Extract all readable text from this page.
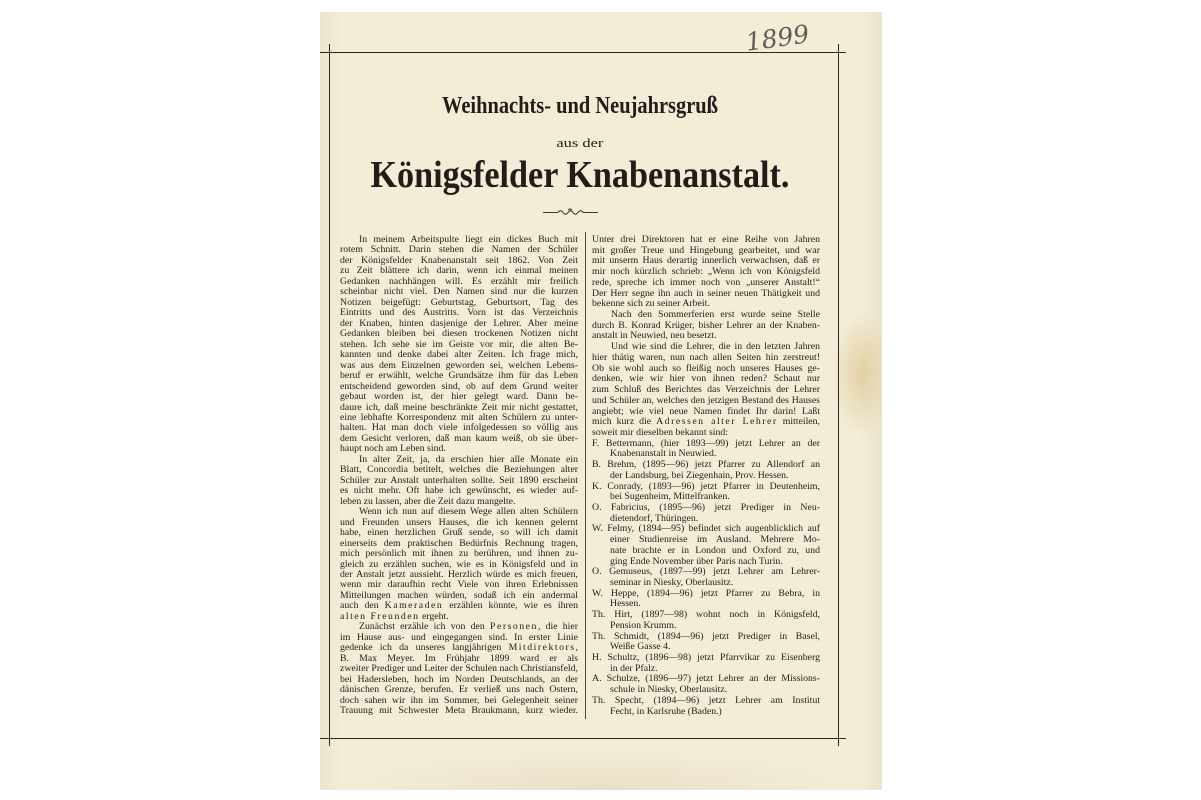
1899
Weihnachts- und Neujahrsgruß
aus der
Königsfelder Knabenanstalt.
In meinem Arbeitspulte liegt ein dickes Buch mit
rotem Schnitt. Darin stehen die Namen der Schüler
der Königsfelder Knabenanstalt seit 1862. Von Zeit
zu Zeit blättere ich darin, wenn ich einmal meinen
Gedanken nachhängen will. Es erzählt mir freilich
scheinbar nicht viel. Den Namen sind nur die kurzen
Notizen beigefügt: Geburtstag, Geburtsort, Tag des
Eintritts und des Austritts. Vorn ist das Verzeichnis
der Knaben, hinten dasjenige der Lehrer. Aber meine
Gedanken bleiben bei diesen trockenen Notizen nicht
stehen. Ich sehe sie im Geiste vor mir, die alten Be-
kannten und denke dabei alter Zeiten. Ich frage mich,
was aus dem Einzelnen geworden sei, welchen Lebens-
beruf er erwählt, welche Grundsätze ihm für das Leben
entscheidend geworden sind, ob auf dem Grund weiter
gebaut worden ist, der hier gelegt ward. Dann be-
daure ich, daß meine beschränkte Zeit mir nicht gestattet,
eine lebhafte Korrespondenz mit alten Schülern zu unter-
halten. Hat man doch viele infolgedessen so völlig aus
dem Gesicht verloren, daß man kaum weiß, ob sie über-
haupt noch am Leben sind.
In alter Zeit, ja, da erschien hier alle Monate ein
Blatt, Concordia betitelt, welches die Beziehungen alter
Schüler zur Anstalt unterhalten sollte. Seit 1890 erscheint
es nicht mehr. Oft habe ich gewünscht, es wieder auf-
leben zu lassen, aber die Zeit dazu mangelte.
Wenn ich nun auf diesem Wege allen alten Schülern
und Freunden unsers Hauses, die ich kennen gelernt
habe, einen herzlichen Gruß sende, so will ich damit
einerseits dem praktischen Bedürfnis Rechnung tragen,
mich persönlich mit ihnen zu berühren, und ihnen zu-
gleich zu erzählen suchen, wie es in Königsfeld und in
der Anstalt jetzt aussieht. Herzlich würde es mich freuen,
wenn mir daraufhin recht Viele von ihren Erlebnissen
Mitteilungen machen würden, sodaß ich ein andermal
auch den Kameraden erzählen könnte, wie es ihren
alten Freunden ergeht.
Zunächst erzähle ich von den Personen, die hier
im Hause aus- und eingegangen sind. In erster Linie
gedenke ich da unseres langjährigen Mitdirektors,
B. Max Meyer. Im Frühjahr 1899 ward er als
zweiter Prediger und Leiter der Schulen nach Christiansfeld,
bei Hadersleben, hoch im Norden Deutschlands, an der
dänischen Grenze, berufen. Er verließ uns nach Ostern,
doch sahen wir ihn im Sommer, bei Gelegenheit seiner
Trauung mit Schwester Meta Braukmann, kurz wieder.
Unter drei Direktoren hat er eine Reihe von Jahren
mit großer Treue und Hingebung gearbeitet, und war
mit unserm Haus derartig innerlich verwachsen, daß er
mir noch kürzlich schrieb: „Wenn ich von Königsfeld
rede, spreche ich immer noch von „unserer Anstalt!“
Der Herr segne ihn auch in seiner neuen Thätigkeit und
bekenne sich zu seiner Arbeit.
Nach den Sommerferien erst wurde seine Stelle
durch B. Konrad Krüger, bisher Lehrer an der Knaben-
anstalt in Neuwied, neu besetzt.
Und wie sind die Lehrer, die in den letzten Jahren
hier thätig waren, nun nach allen Seiten hin zerstreut!
Ob sie wohl auch so fleißig noch unseres Hauses ge-
denken, wie wir hier von ihnen reden? Schaut nur
zum Schluß des Berichtes das Verzeichnis der Lehrer
und Schüler an, welches den jetzigen Bestand des Hauses
angiebt; wie viel neue Namen findet Ihr darin! Laßt
mich kurz die Adressen alter Lehrer mitteilen,
soweit mir dieselben bekannt sind:
F. Bettermann, (hier 1893—99) jetzt Lehrer an der
Knabenanstalt in Neuwied.
B. Brehm, (1895—96) jetzt Pfarrer zu Allendorf an
der Landsburg, bei Ziegenhain, Prov. Hessen.
K. Conrady, (1893—96) jetzt Pfarrer in Deutenheim,
bei Sugenheim, Mittelfranken.
O. Fabricius, (1895—96) jetzt Prediger in Neu-
dietendorf, Thüringen.
W. Felmy, (1894—95) befindet sich augenblicklich auf
einer Studienreise im Ausland. Mehrere Mo-
nate brachte er in London und Oxford zu, und
ging Ende November über Paris nach Turin.
O. Gemuseus, (1897—99) jetzt Lehrer am Lehrer-
seminar in Niesky, Oberlausitz.
W. Heppe, (1894—96) jetzt Pfarrer zu Bebra, in
Hessen.
Th. Hirt, (1897—98) wohnt noch in Königsfeld,
Pension Krumm.
Th. Schmidt, (1894—96) jetzt Prediger in Basel,
Weiße Gasse 4.
H. Schultz, (1896—98) jetzt Pfarrvikar zu Eisenberg
in der Pfalz.
A. Schulze, (1896—97) jetzt Lehrer an der Missions-
schule in Niesky, Oberlausitz.
Th. Specht, (1894—96) jetzt Lehrer am Institut
Fecht, in Karlsruhe (Baden.)
